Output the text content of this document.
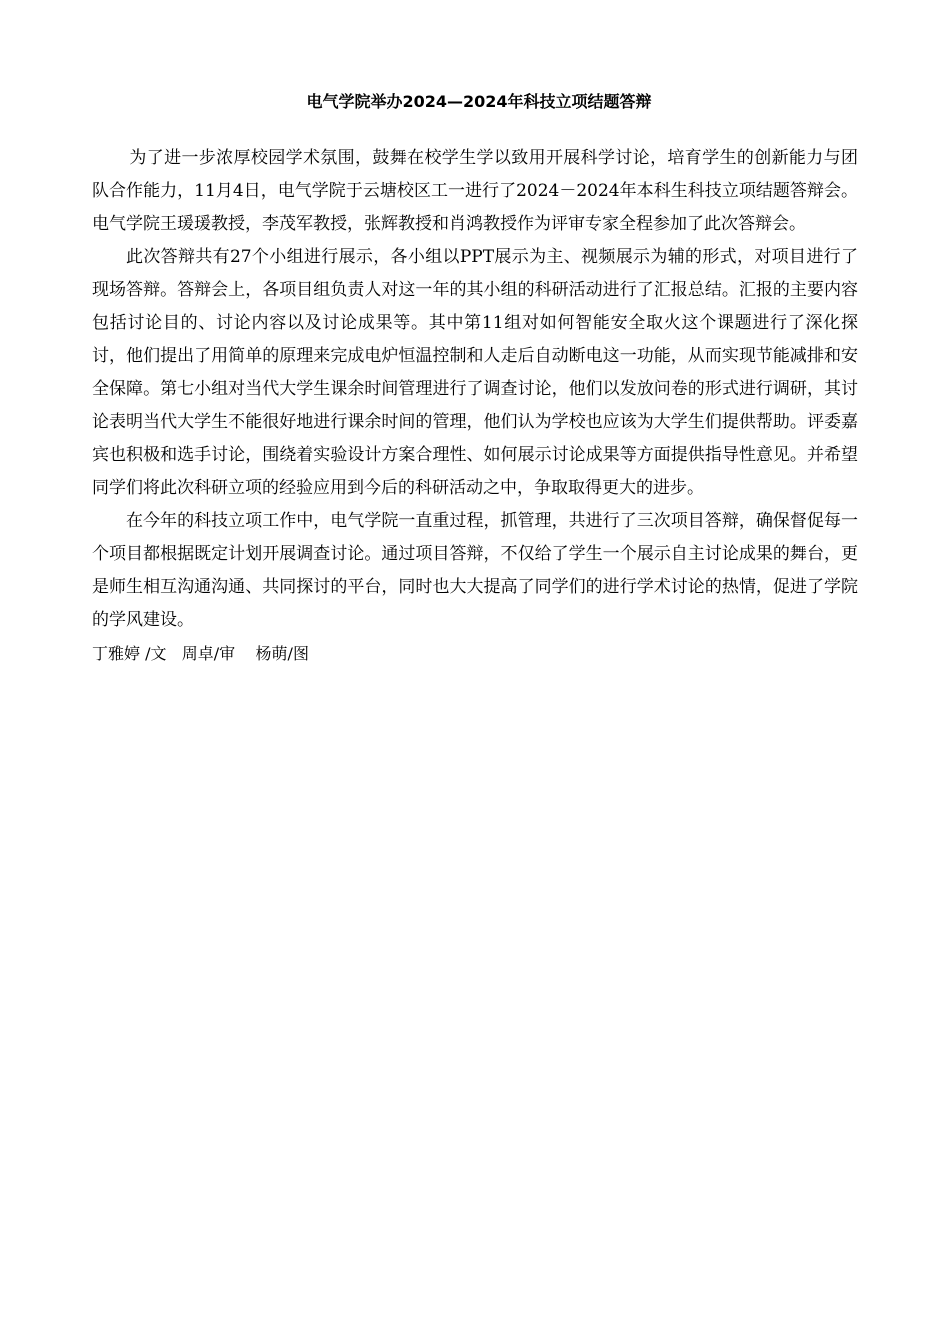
电气学院举办2024—2024年科技立项结题答辩

为了进一步浓厚校园学术氛围，鼓舞在校学生学以致用开展科学讨论，培育学生的创新能力与团队合作能力，11月4日，电气学院于云塘校区工一进行了2024－2024年本科生科技立项结题答辩会。电气学院王瑗瑗教授，李茂军教授，张辉教授和肖鸿教授作为评审专家全程参加了此次答辩会。

此次答辩共有27个小组进行展示，各小组以PPT展示为主、视频展示为辅的形式，对项目进行了现场答辩。答辩会上，各项目组负责人对这一年的其小组的科研活动进行了汇报总结。汇报的主要内容包括讨论目的、讨论内容以及讨论成果等。其中第11组对如何智能安全取火这个课题进行了深化探讨，他们提出了用简单的原理来完成电炉恒温控制和人走后自动断电这一功能，从而实现节能减排和安全保障。第七小组对当代大学生课余时间管理进行了调查讨论，他们以发放问卷的形式进行调研，其讨论表明当代大学生不能很好地进行课余时间的管理，他们认为学校也应该为大学生们提供帮助。评委嘉宾也积极和选手讨论，围绕着实验设计方案合理性、如何展示讨论成果等方面提供指导性意见。并希望同学们将此次科研立项的经验应用到今后的科研活动之中，争取取得更大的进步。

在今年的科技立项工作中，电气学院一直重过程，抓管理，共进行了三次项目答辩，确保督促每一个项目都根据既定计划开展调查讨论。通过项目答辩，不仅给了学生一个展示自主讨论成果的舞台，更是师生相互沟通沟通、共同探讨的平台，同时也大大提高了同学们的进行学术讨论的热情，促进了学院的学风建设。

丁雅婷 /文 周卓/审 杨萌/图
